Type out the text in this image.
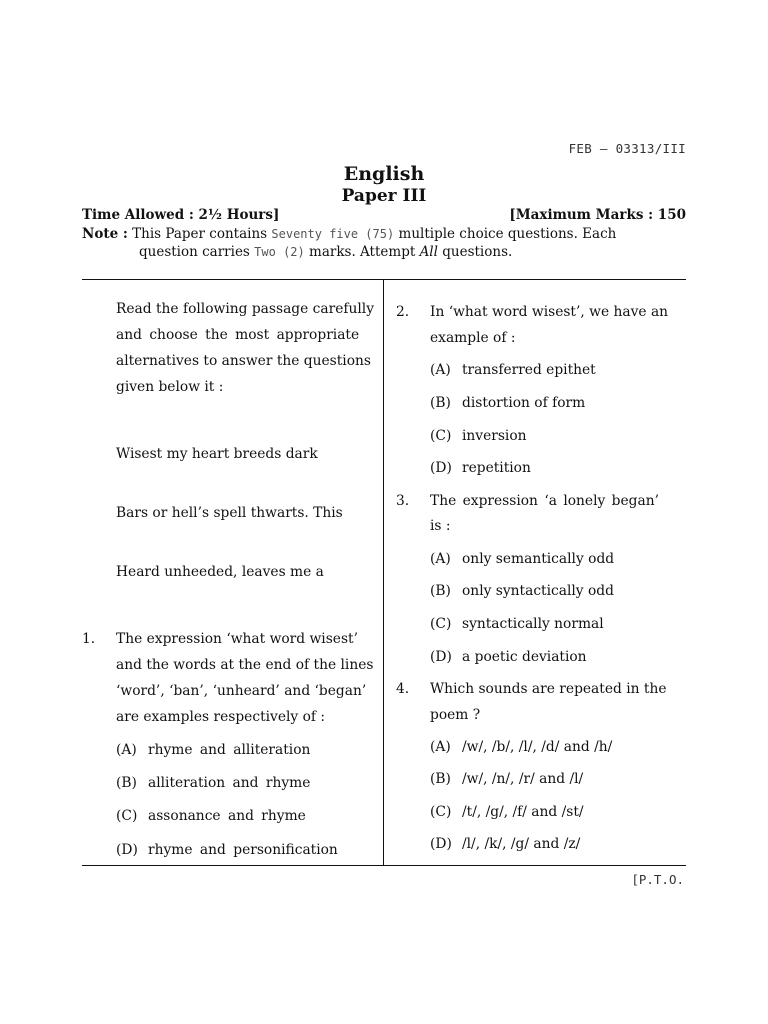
FEB – 03313/III
English
Paper III
Time Allowed : 2½ Hours]	[Maximum Marks : 150
Note : This Paper contains Seventy five (75) multiple choice questions. Each
question carries Two (2) marks. Attempt All questions.
Read the following passage carefully
and choose the most appropriate
alternatives to answer the questions
given below it :
Wisest my heart breeds dark
Bars or hell’s spell thwarts. This
Heard unheeded, leaves me a
1. The expression ‘what word wisest’
and the words at the end of the lines
‘word’, ‘ban’, ‘unheard’ and ‘began’
are examples respectively of :
(A) rhyme and alliteration
(B) alliteration and rhyme
(C) assonance and rhyme
(D) rhyme and personification
2. In ‘what word wisest’, we have an
example of :
(A) transferred epithet
(B) distortion of form
(C) inversion
(D) repetition
3. The expression ‘a lonely began’
is :
(A) only semantically odd
(B) only syntactically odd
(C) syntactically normal
(D) a poetic deviation
4. Which sounds are repeated in the
poem ?
(A) /w/, /b/, /l/, /d/ and /h/
(B) /w/, /n/, /r/ and /l/
(C) /t/, /g/, /f/ and /st/
(D) /l/, /k/, /g/ and /z/
[P.T.O.
